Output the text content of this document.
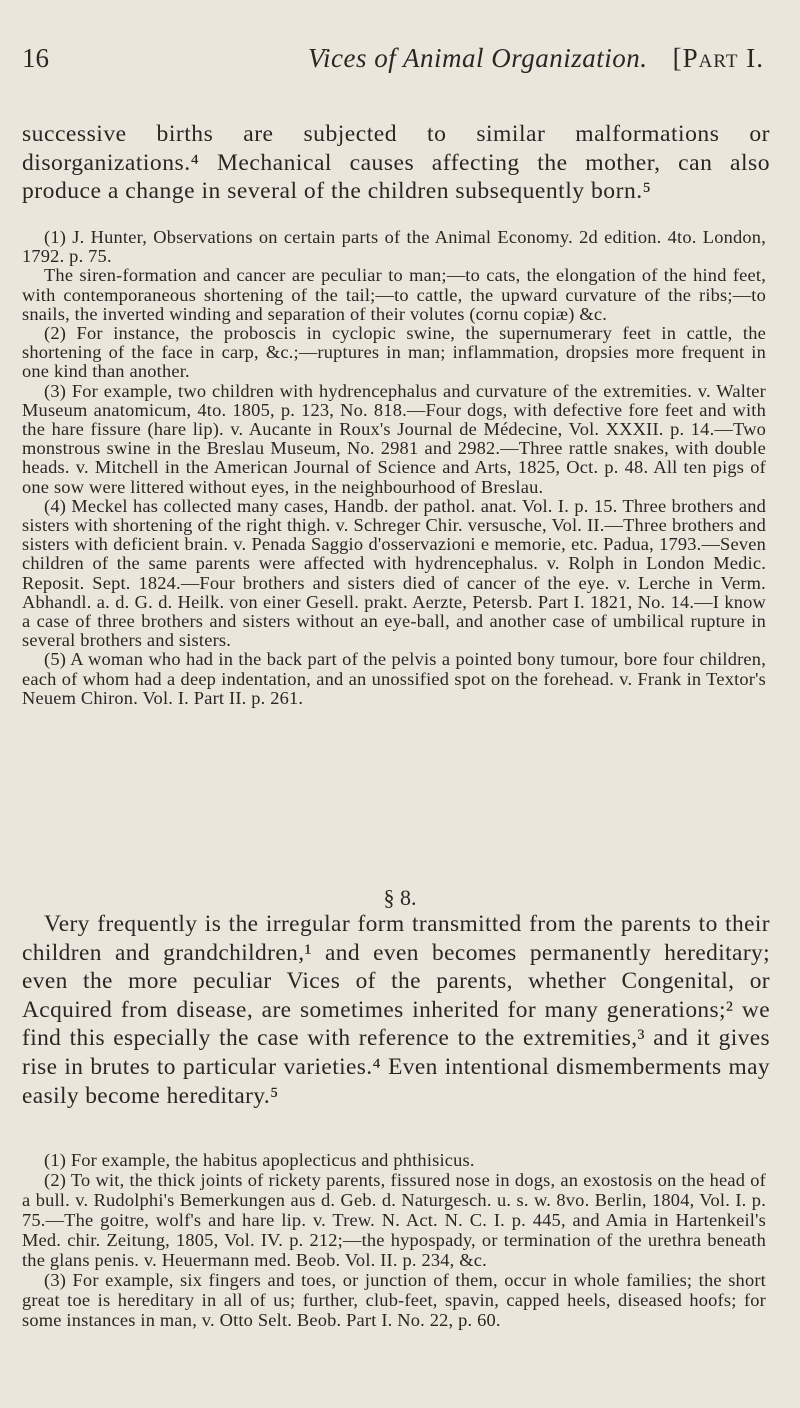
16	Vices of Animal Organization. [Part I.

successive births are subjected to similar malformations or disorganizations.⁴ Mechanical causes affecting the mother, can also produce a change in several of the children subsequently born.⁵

(1) J. Hunter, Observations on certain parts of the Animal Economy. 2d edition. 4to. London, 1792. p. 75.

The siren-formation and cancer are peculiar to man;—to cats, the elongation of the hind feet, with contemporaneous shortening of the tail;—to cattle, the upward curvature of the ribs;—to snails, the inverted winding and separation of their volutes (cornu copiæ) &c.

(2) For instance, the proboscis in cyclopic swine, the supernumerary feet in cattle, the shortening of the face in carp, &c.;—ruptures in man; inflammation, dropsies more frequent in one kind than another.

(3) For example, two children with hydrencephalus and curvature of the extremities. v. Walter Museum anatomicum, 4to. 1805, p. 123, No. 818.—Four dogs, with defective fore feet and with the hare fissure (hare lip). v. Aucante in Roux's Journal de Médecine, Vol. XXXII. p. 14.—Two monstrous swine in the Breslau Museum, No. 2981 and 2982.—Three rattle snakes, with double heads. v. Mitchell in the American Journal of Science and Arts, 1825, Oct. p. 48. All ten pigs of one sow were littered without eyes, in the neighbourhood of Breslau.

(4) Meckel has collected many cases, Handb. der pathol. anat. Vol. I. p. 15. Three brothers and sisters with shortening of the right thigh. v. Schreger Chir. versusche, Vol. II.—Three brothers and sisters with deficient brain. v. Penada Saggio d'osservazioni e memorie, etc. Padua, 1793.—Seven children of the same parents were affected with hydrencephalus. v. Rolph in London Medic. Reposit. Sept. 1824.—Four brothers and sisters died of cancer of the eye. v. Lerche in Verm. Abhandl. a. d. G. d. Heilk. von einer Gesell. prakt. Aerzte, Petersb. Part I. 1821, No. 14.—I know a case of three brothers and sisters without an eye-ball, and another case of umbilical rupture in several brothers and sisters.

(5) A woman who had in the back part of the pelvis a pointed bony tumour, bore four children, each of whom had a deep indentation, and an unossified spot on the forehead. v. Frank in Textor's Neuem Chiron. Vol. I. Part II. p. 261.

§ 8.

Very frequently is the irregular form transmitted from the parents to their children and grandchildren,¹ and even becomes permanently hereditary; even the more peculiar Vices of the parents, whether Congenital, or Acquired from disease, are sometimes inherited for many generations;² we find this especially the case with reference to the extremities,³ and it gives rise in brutes to particular varieties.⁴ Even intentional dismemberments may easily become hereditary.⁵

(1) For example, the habitus apoplecticus and phthisicus.

(2) To wit, the thick joints of rickety parents, fissured nose in dogs, an exostosis on the head of a bull. v. Rudolphi's Bemerkungen aus d. Geb. d. Naturgesch. u. s. w. 8vo. Berlin, 1804, Vol. I. p. 75.—The goitre, wolf's and hare lip. v. Trew. N. Act. N. C. I. p. 445, and Amia in Hartenkeil's Med. chir. Zeitung, 1805, Vol. IV. p. 212;—the hypospady, or termination of the urethra beneath the glans penis. v. Heuermann med. Beob. Vol. II. p. 234, &c.

(3) For example, six fingers and toes, or junction of them, occur in whole families; the short great toe is hereditary in all of us; further, club-feet, spavin, capped heels, diseased hoofs; for some instances in man, v. Otto Selt. Beob. Part I. No. 22, p. 60.
